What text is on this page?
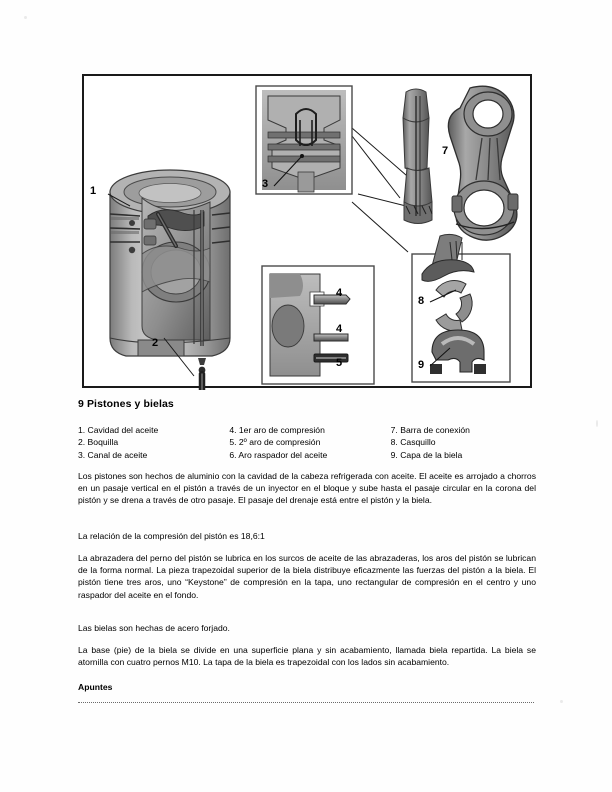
1
2
3
4
4
5
7
8
9
9 Pistones y bielas
1. Cavidad del aceite
2. Boquilla
3. Canal de aceite
4. 1er aro de compresión
5. 2º aro de compresión
6. Aro raspador del aceite
7. Barra de conexión
8. Casquillo
9. Capa de la biela
Los pistones son hechos de aluminio con la cavidad de la cabeza refrigerada con aceite. El aceite es arrojado a chorros en un pasaje vertical en el pistón a través de un inyector en el bloque y sube hasta el pasaje circular en la corona del pistón y se drena a través de otro pasaje. El pasaje del drenaje está entre el pistón y la biela.
La relación de la compresión del pistón es 18,6:1
La abrazadera del perno del pistón se lubrica en los surcos de aceite de las abrazaderas, los aros del pistón se lubrican de la forma normal. La pieza trapezoidal superior de la biela distribuye eficazmente las fuerzas del pistón a la biela. El pistón tiene tres aros, uno “Keystone” de compresión en la tapa, uno rectangular de compresión en el centro y uno raspador del aceite en el fondo.
Las bielas son hechas de acero forjado.
La base (pie) de la biela se divide en una superficie plana y sin acabamiento, llamada biela repartida. La biela se atornilla con cuatro pernos M10. La tapa de la biela es trapezoidal con los lados sin acabamiento.
Apuntes
